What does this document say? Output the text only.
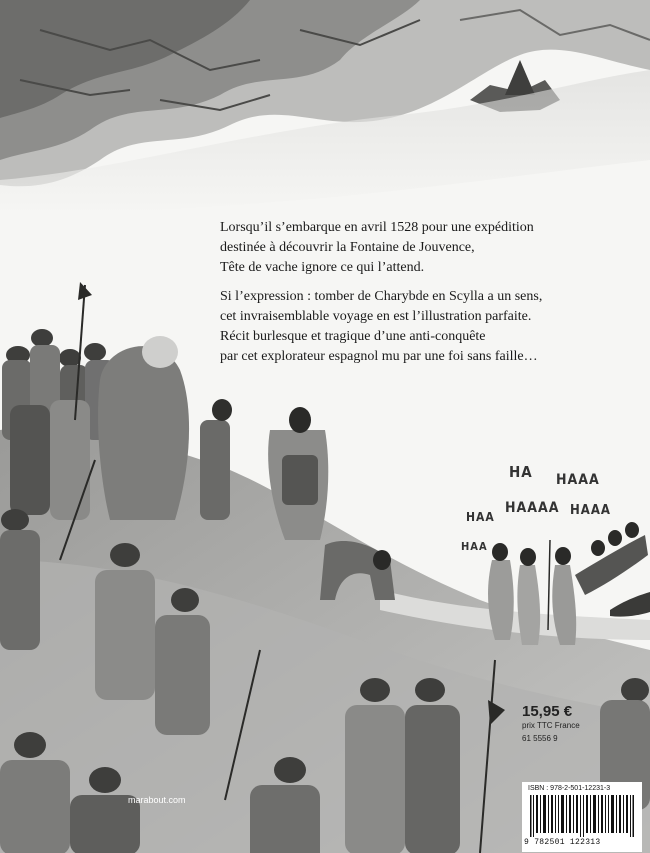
Lorsqu’il s’embarque en avril 1528 pour une expédition
destinée à découvrir la Fontaine de Jouvence,
Tête de vache ignore ce qui l’attend.

Si l’expression : tomber de Charybde en Scylla a un sens,
cet invraisemblable voyage en est l’illustration parfaite.
Récit burlesque et tragique d’une anti-conquête
par cet explorateur espagnol mu par une foi sans faille…

HA HAAA
HAA
HAAAA HAAA
HAA
15,95 €
prix TTC France
61 5556 9
ISBN : 978-2-501-12231-3
9 782501 122313
marabout.com
